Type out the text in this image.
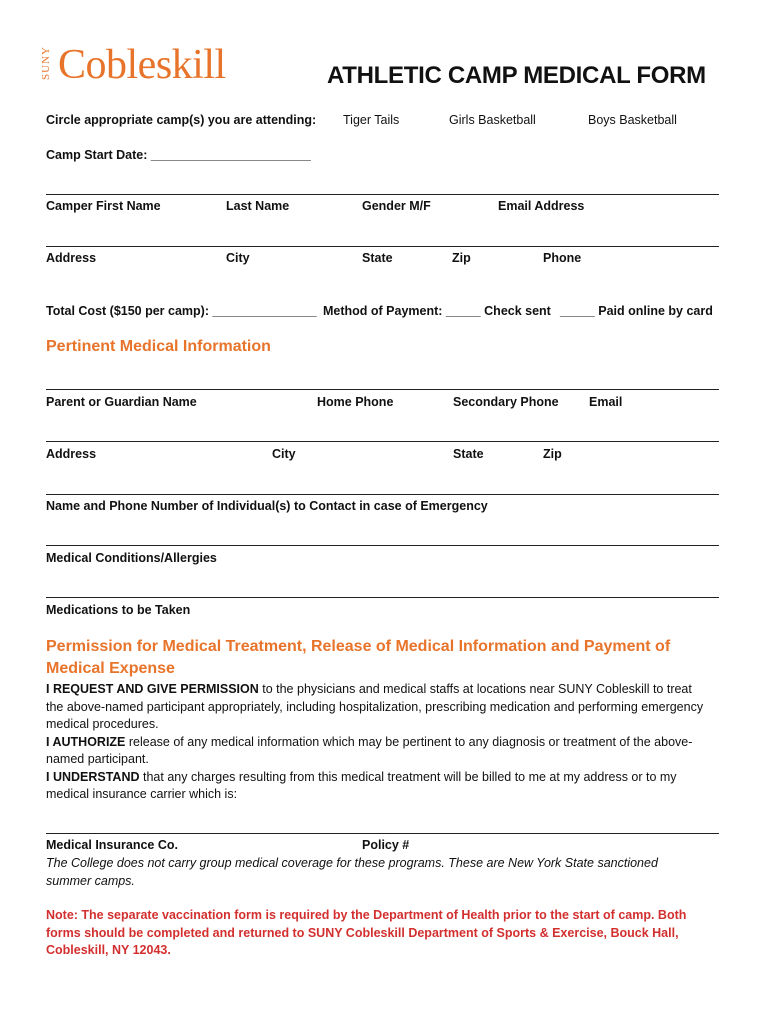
SUNY Cobleskill	ATHLETIC CAMP MEDICAL FORM
Circle appropriate camp(s) you are attending: Tiger Tails	Girls Basketball	Boys Basketball
Camp Start Date: _______________________
Camper First Name	Last Name	Gender M/F	Email Address
Address	City	State	Zip	Phone
Total Cost ($150 per camp): _______________ Method of Payment: _____ Check sent _____ Paid online by card
Pertinent Medical Information
Parent or Guardian Name	Home Phone	Secondary Phone Email
Address	City	State	Zip
Name and Phone Number of Individual(s) to Contact in case of Emergency
Medical Conditions/Allergies
Medications to be Taken
Permission for Medical Treatment, Release of Medical Information and Payment of
Medical Expense
I REQUEST AND GIVE PERMISSION to the physicians and medical staffs at locations near SUNY Cobleskill to treat the above-named participant appropriately, including hospitalization, prescribing medication and performing emergency medical procedures.
I AUTHORIZE release of any medical information which may be pertinent to any diagnosis or treatment of the above-named participant.
I UNDERSTAND that any charges resulting from this medical treatment will be billed to me at my address or to my medical insurance carrier which is:
Medical Insurance Co.	Policy #
The College does not carry group medical coverage for these programs. These are New York State sanctioned summer camps.
Note: The separate vaccination form is required by the Department of Health prior to the start of camp. Both forms should be completed and returned to SUNY Cobleskill Department of Sports & Exercise, Bouck Hall, Cobleskill, NY 12043.
